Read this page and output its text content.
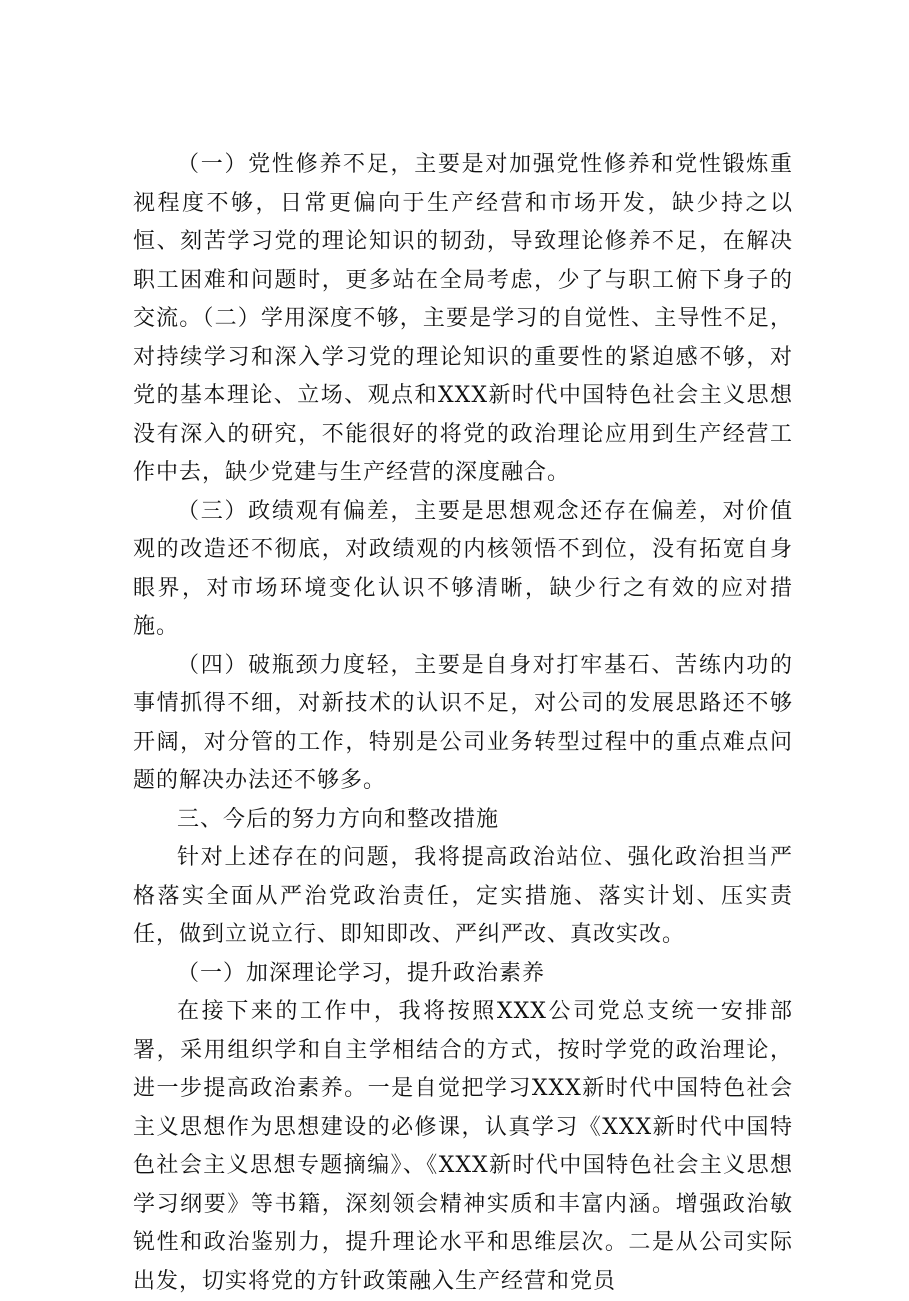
（一）党性修养不足，主要是对加强党性修养和党性锻炼重视程度不够，日常更偏向于生产经营和市场开发，缺少持之以恒、刻苦学习党的理论知识的韧劲，导致理论修养不足，在解决职工困难和问题时，更多站在全局考虑，少了与职工俯下身子的交流。（二）学用深度不够，主要是学习的自觉性、主导性不足，对持续学习和深入学习党的理论知识的重要性的紧迫感不够，对党的基本理论、立场、观点和XXX新时代中国特色社会主义思想没有深入的研究，不能很好的将党的政治理论应用到生产经营工作中去，缺少党建与生产经营的深度融合。

（三）政绩观有偏差，主要是思想观念还存在偏差，对价值观的改造还不彻底，对政绩观的内核领悟不到位，没有拓宽自身眼界，对市场环境变化认识不够清晰，缺少行之有效的应对措施。

（四）破瓶颈力度轻，主要是自身对打牢基石、苦练内功的事情抓得不细，对新技术的认识不足，对公司的发展思路还不够开阔，对分管的工作，特别是公司业务转型过程中的重点难点问题的解决办法还不够多。

三、今后的努力方向和整改措施

针对上述存在的问题，我将提高政治站位、强化政治担当严格落实全面从严治党政治责任，定实措施、落实计划、压实责任，做到立说立行、即知即改、严纠严改、真改实改。

（一）加深理论学习，提升政治素养

在接下来的工作中，我将按照XXX公司党总支统一安排部署，采用组织学和自主学相结合的方式，按时学党的政治理论，进一步提高政治素养。一是自觉把学习XXX新时代中国特色社会主义思想作为思想建设的必修课，认真学习《XXX新时代中国特色社会主义思想专题摘编》、《XXX新时代中国特色社会主义思想学习纲要》等书籍，深刻领会精神实质和丰富内涵。增强政治敏锐性和政治鉴别力，提升理论水平和思维层次。二是从公司实际出发，切实将党的方针政策融入生产经营和党员
